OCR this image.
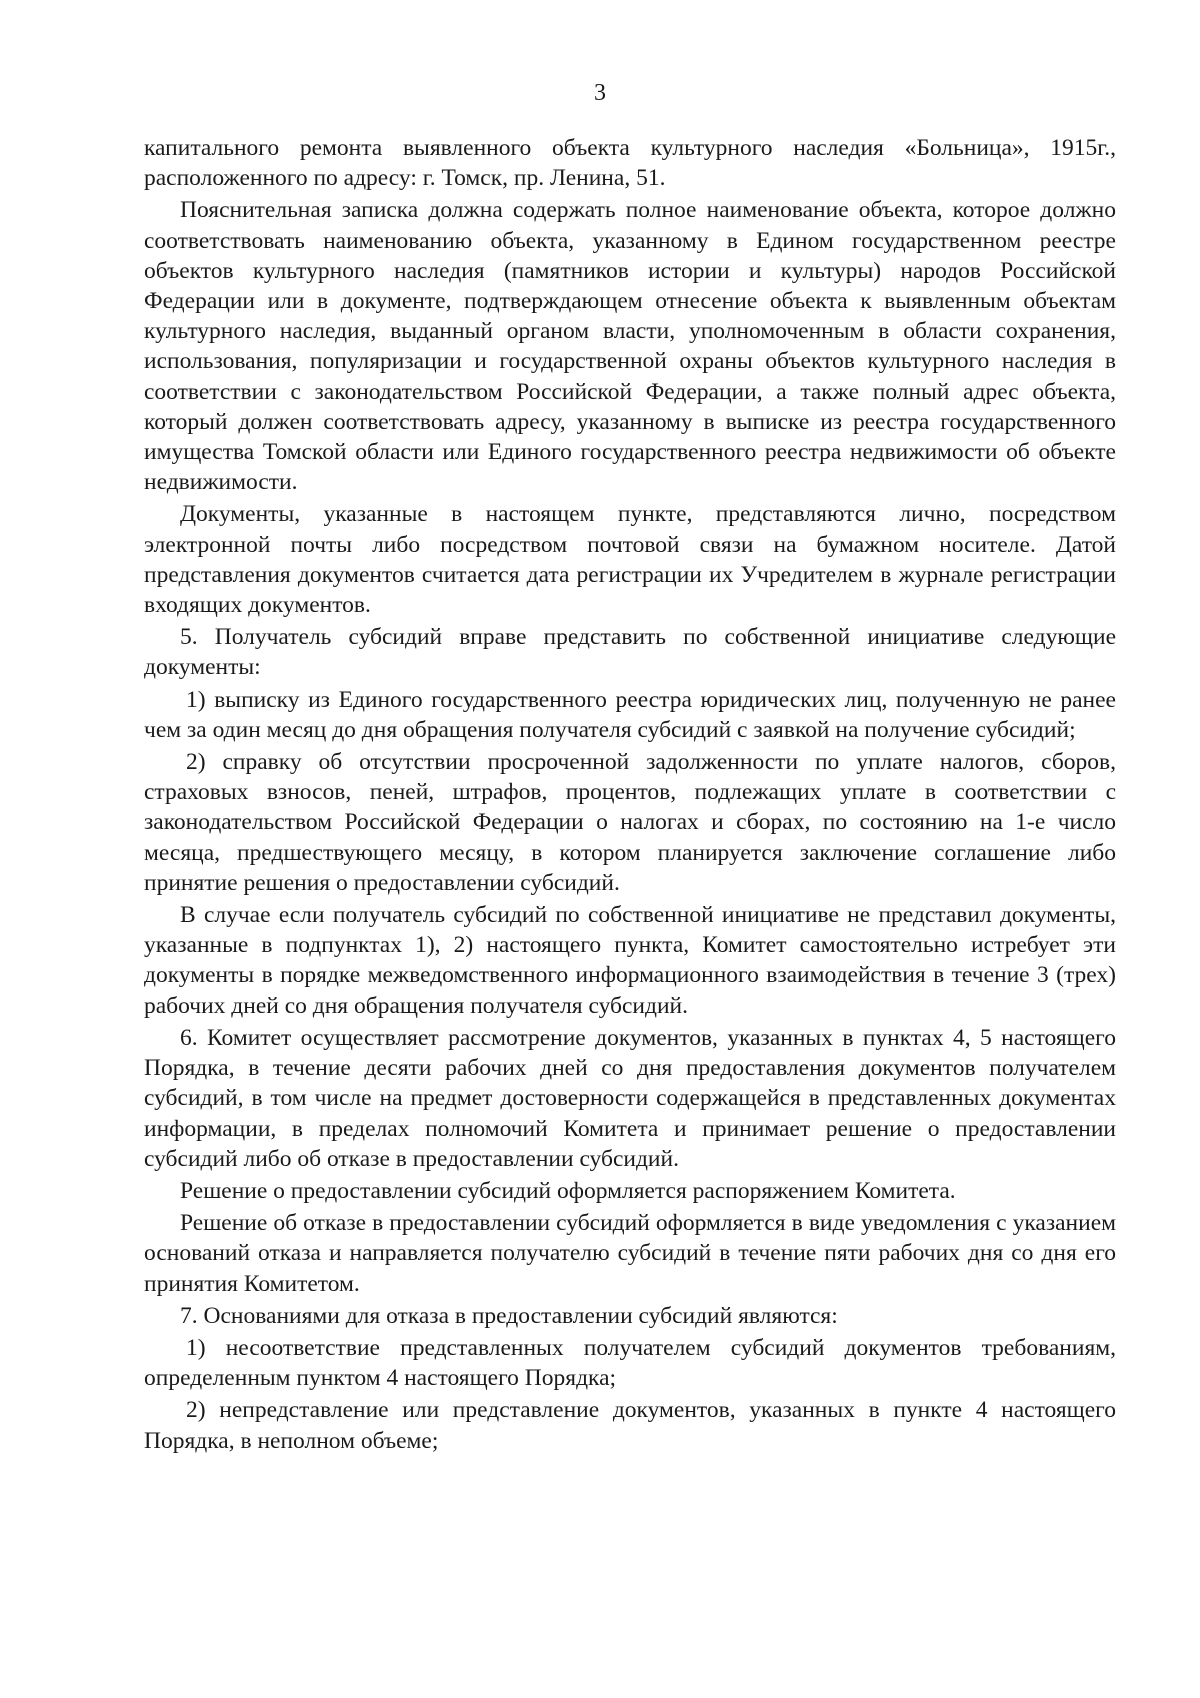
3

капитального ремонта выявленного объекта культурного наследия «Больница», 1915г., расположенного по адресу: г. Томск, пр. Ленина, 51.

Пояснительная записка должна содержать полное наименование объекта, которое должно соответствовать наименованию объекта, указанному в Едином государственном реестре объектов культурного наследия (памятников истории и культуры) народов Российской Федерации или в документе, подтверждающем отнесение объекта к выявленным объектам культурного наследия, выданный органом власти, уполномоченным в области сохранения, использования, популяризации и государственной охраны объектов культурного наследия в соответствии с законодательством Российской Федерации, а также полный адрес объекта, который должен соответствовать адресу, указанному в выписке из реестра государственного имущества Томской области или Единого государственного реестра недвижимости об объекте недвижимости.

Документы, указанные в настоящем пункте, представляются лично, посредством электронной почты либо посредством почтовой связи на бумажном носителе. Датой представления документов считается дата регистрации их Учредителем в журнале регистрации входящих документов.

5. Получатель субсидий вправе представить по собственной инициативе следующие документы:

1) выписку из Единого государственного реестра юридических лиц, полученную не ранее чем за один месяц до дня обращения получателя субсидий с заявкой на получение субсидий;

2) справку об отсутствии просроченной задолженности по уплате налогов, сборов, страховых взносов, пеней, штрафов, процентов, подлежащих уплате в соответствии с законодательством Российской Федерации о налогах и сборах, по состоянию на 1-е число месяца, предшествующего месяцу, в котором планируется заключение соглашение либо принятие решения о предоставлении субсидий.

В случае если получатель субсидий по собственной инициативе не представил документы, указанные в подпунктах 1), 2) настоящего пункта, Комитет самостоятельно истребует эти документы в порядке межведомственного информационного взаимодействия в течение 3 (трех) рабочих дней со дня обращения получателя субсидий.

6. Комитет осуществляет рассмотрение документов, указанных в пунктах 4, 5 настоящего Порядка, в течение десяти рабочих дней со дня предоставления документов получателем субсидий, в том числе на предмет достоверности содержащейся в представленных документах информации, в пределах полномочий Комитета и принимает решение о предоставлении субсидий либо об отказе в предоставлении субсидий.

Решение о предоставлении субсидий оформляется распоряжением Комитета.

Решение об отказе в предоставлении субсидий оформляется в виде уведомления с указанием оснований отказа и направляется получателю субсидий в течение пяти рабочих дня со дня его принятия Комитетом.

7. Основаниями для отказа в предоставлении субсидий являются:

1) несоответствие представленных получателем субсидий документов требованиям, определенным пунктом 4 настоящего Порядка;

2) непредставление или представление документов, указанных в пункте 4 настоящего Порядка, в неполном объеме;
